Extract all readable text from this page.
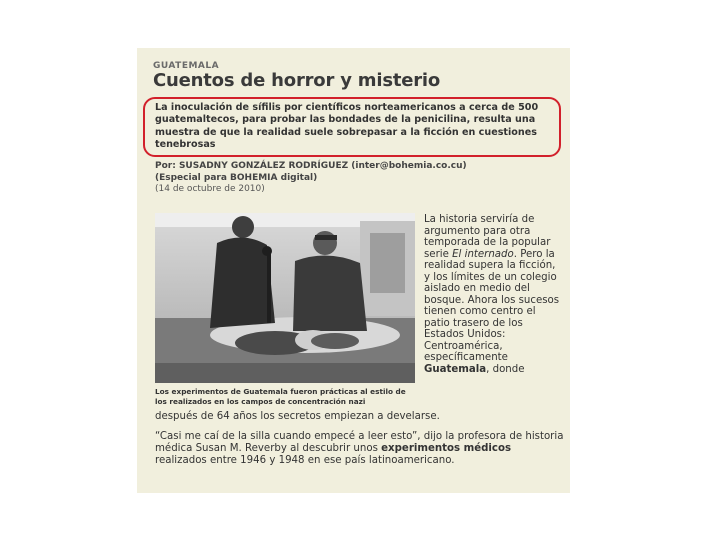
GUATEMALA
Cuentos de horror y misterio
La inoculación de sífilis por científicos norteamericanos a cerca de 500 guatemaltecos, para probar las bondades de la penicilina, resulta una muestra de que la realidad suele sobrepasar a la ficción en cuestiones tenebrosas
Por: SUSADNY GONZÁLEZ RODRÍGUEZ (inter@bohemia.co.cu)
(Especial para BOHEMIA digital)
(14 de octubre de 2010)
Los experimentos de Guatemala fueron prácticas al estilo de los realizados en los campos de concentración nazi
La historia serviría de argumento para otra temporada de la popular serie El internado. Pero la realidad supera la ficción, y los límites de un colegio aislado en medio del bosque. Ahora los sucesos tienen como centro el patio trasero de los Estados Unidos: Centroamérica, específicamente Guatemala, donde
después de 64 años los secretos empiezan a develarse.
“Casi me caí de la silla cuando empecé a leer esto”, dijo la profesora de historia médica Susan M. Reverby al descubrir unos experimentos médicos realizados entre 1946 y 1948 en ese país latinoamericano.
